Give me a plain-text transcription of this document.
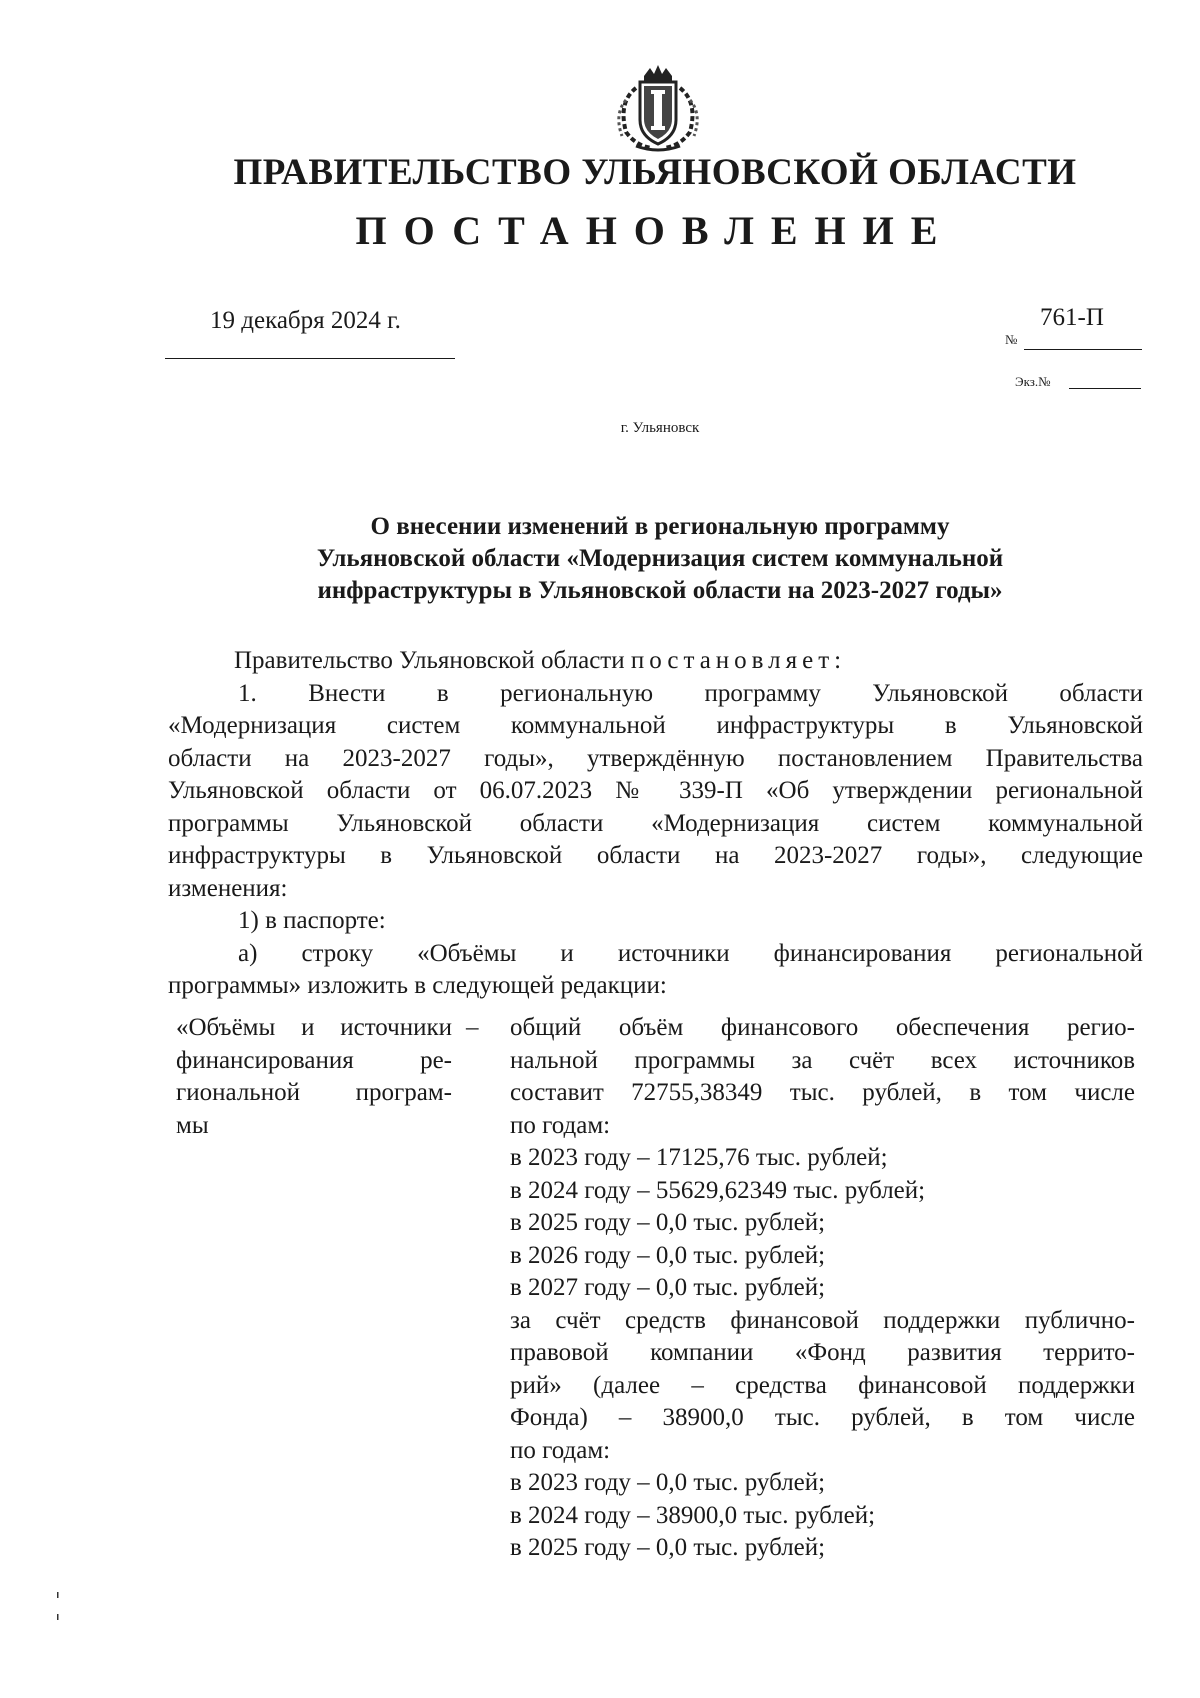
ПРАВИТЕЛЬСТВО УЛЬЯНОВСКОЙ ОБЛАСТИ
ПОСТАНОВЛЕНИЕ
19 декабря 2024 г.
№
761-П
Экз.№
г. Ульяновск
О внесении изменений в региональную программу
Ульяновской области «Модернизация систем коммунальной
инфраструктуры в Ульяновской области на 2023-2027 годы»
Правительство Ульяновской области постановляет:
1. Внести в региональную программу Ульяновской области
«Модернизация систем коммунальной инфраструктуры в Ульяновской
области на 2023-2027 годы», утверждённую постановлением Правительства
Ульяновской области от 06.07.2023 № 339-П «Об утверждении региональной
программы Ульяновской области «Модернизация систем коммунальной
инфраструктуры в Ульяновской области на 2023-2027 годы», следующие
изменения:
1) в паспорте:
а) строку «Объёмы и источники финансирования региональной
программы» изложить в следующей редакции:
«Объёмы и источники
финансирования ре-
гиональной програм-
мы
–	общий объём финансового обеспечения регио-
нальной программы за счёт всех источников
составит 72755,38349 тыс. рублей, в том числе
по годам:
в 2023 году – 17125,76 тыс. рублей;
в 2024 году – 55629,62349 тыс. рублей;
в 2025 году – 0,0 тыс. рублей;
в 2026 году – 0,0 тыс. рублей;
в 2027 году – 0,0 тыс. рублей;
за счёт средств финансовой поддержки публично-
правовой компании «Фонд развития террито-
рий» (далее – средства финансовой поддержки
Фонда) – 38900,0 тыс. рублей, в том числе
по годам:
в 2023 году – 0,0 тыс. рублей;
в 2024 году – 38900,0 тыс. рублей;
в 2025 году – 0,0 тыс. рублей;
